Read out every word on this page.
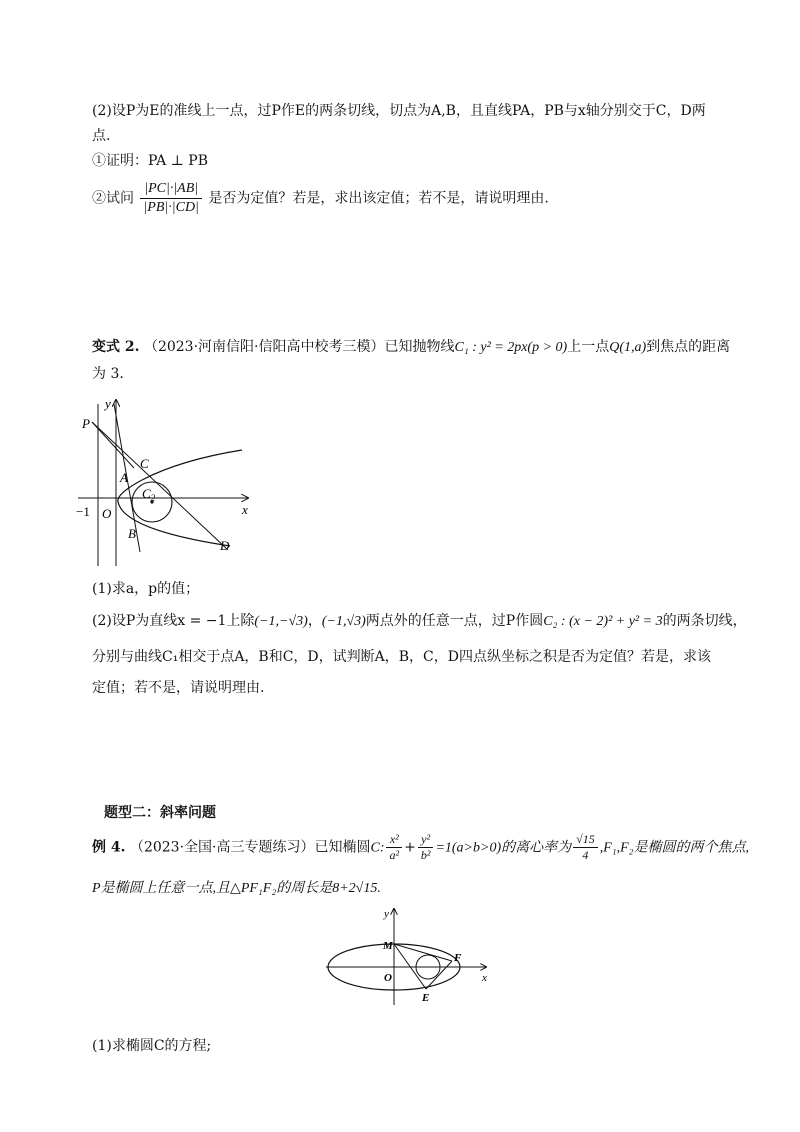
(2)设P为E的准线上一点，过P作E的两条切线，切点为A,B，且直线PA，PB与x轴分别交于C，D两
点.
①证明：PA ⊥ PB
②试问 $\frac{|PC|\cdot|AB|}{|PB|\cdot|CD|}$ 是否为定值？若是，求出该定值；若不是，请说明理由.
变式 2. （2023·河南信阳·信阳高中校考三模）已知抛物线C₁ : y² = 2px(p > 0)上一点Q(1,a)到焦点的距离
为 3.
y
x
P
C
A
$C_2$
−1 O
B
D
(1)求a，p的值；
(2)设P为直线x = −1上除(−1,−√3)，(−1,√3)两点外的任意一点，过P作圆C₂ : (x − 2)² + y² = 3的两条切线，
分别与曲线C₁相交于点A，B和C，D，试判断A，B，C，D四点纵坐标之积是否为定值？若是，求该
定值；若不是，请说明理由.
题型二：斜率问题
例 4. （2023·全国·高三专题练习）已知椭圆C: $\frac{\text{x²}}{\text{a²}} + \frac{\text{y²}}{\text{b²}} =1(a>b>0)$的离心率为 $\frac{√15}{4} ,F_1,F_2$是椭圆的两个焦点,
P是椭圆上任意一点,且△PF₁F₂的周长是8+2√15.
y
x
M
O
F
E
(1)求椭圆C的方程;
